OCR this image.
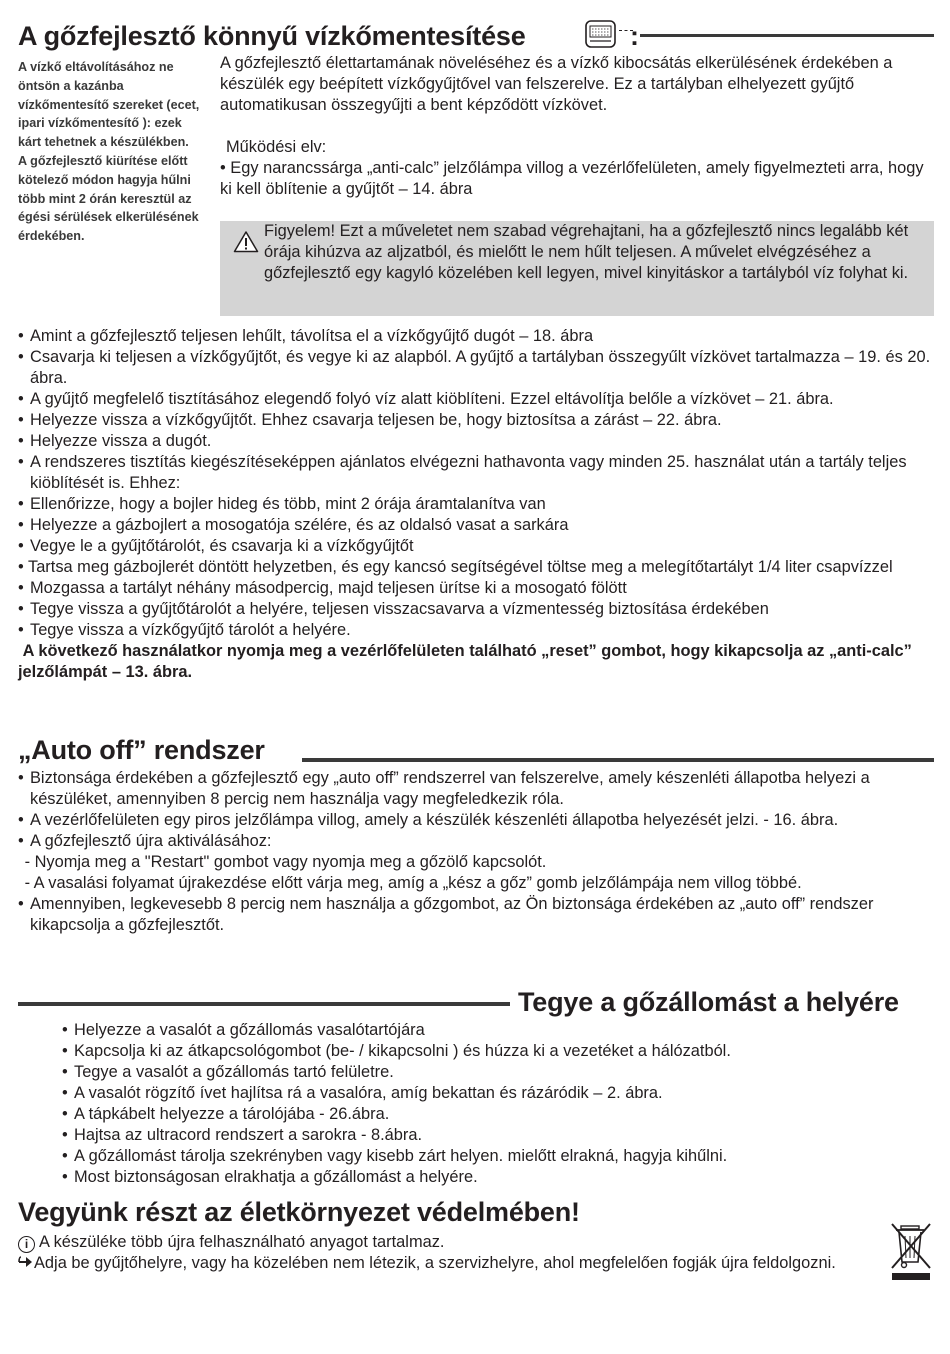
A gőzfejlesztő könnyű vízkőmentesítése	:
A vízkő eltávolításához ne öntsön a kazánba vízkőmentesítő szereket (ecet, ipari vízkőmentesítő ): ezek kárt tehetnek a készülékben.
A gőzfejlesztő kiürítése előtt kötelező módon hagyja hűlni több mint 2 órán keresztül az égési sérülések elkerülésének érdekében.
A gőzfejlesztő élettartamának növeléséhez és a vízkő kibocsátás elkerülésének érdekében a készülék egy beépített vízkőgyűjtővel van felszerelve. Ez a tartályban elhelyezett gyűjtő automatikusan összegyűjti a bent képződött vízkövet.
Működési elv:
• Egy narancssárga „anti-calc” jelzőlámpa villog a vezérlőfelületen, amely figyelmezteti arra, hogy ki kell öblítenie a gyűjtőt – 14. ábra
Figyelem! Ezt a műveletet nem szabad végrehajtani, ha a gőzfejlesztő nincs legalább két órája kihúzva az aljzatból, és mielőtt le nem hűlt teljesen. A művelet elvégzéséhez a gőzfejlesztő egy kagyló közelében kell legyen, mivel kinyitáskor a tartályból víz folyhat ki.
• Amint a gőzfejlesztő teljesen lehűlt, távolítsa el a vízkőgyűjtő dugót – 18. ábra
• Csavarja ki teljesen a vízkőgyűjtőt, és vegye ki az alapból. A gyűjtő a tartályban összegyűlt vízkövet tartalmazza – 19. és 20. ábra.
• A gyűjtő megfelelő tisztításához elegendő folyó víz alatt kiöblíteni. Ezzel eltávolítja belőle a vízkövet – 21. ábra.
• Helyezze vissza a vízkőgyűjtőt. Ehhez csavarja teljesen be, hogy biztosítsa a zárást – 22. ábra.
• Helyezze vissza a dugót.
• A rendszeres tisztítás kiegészítéseképpen ajánlatos elvégezni hathavonta vagy minden 25. használat után a tartály teljes kiöblítését is. Ehhez:
• Ellenőrizze, hogy a bojler hideg és több, mint 2 órája áramtalanítva van
• Helyezze a gázbojlert a mosogatója szélére, és az oldalsó vasat a sarkára
• Vegye le a gyűjtőtárolót, és csavarja ki a vízkőgyűjtőt
• Tartsa meg gázbojlerét döntött helyzetben, és egy kancsó segítségével töltse meg a melegítőtartályt 1/4 liter csapvízzel
• Mozgassa a tartályt néhány másodpercig, majd teljesen ürítse ki a mosogató fölött
• Tegye vissza a gyűjtőtárolót a helyére, teljesen visszacsavarva a vízmentesség biztosítása érdekében
• Tegye vissza a vízkőgyűjtő tárolót a helyére.
A következő használatkor nyomja meg a vezérlőfelületen található „reset” gombot, hogy kikapcsolja az „anti-calc” jelzőlámpát – 13. ábra.
„Auto off” rendszer
• Biztonsága érdekében a gőzfejlesztő egy „auto off” rendszerrel van felszerelve, amely készenléti állapotba helyezi a készüléket, amennyiben 8 percig nem használja vagy megfeledkezik róla.
• A vezérlőfelületen egy piros jelzőlámpa villog, amely a készülék készenléti állapotba helyezését jelzi. - 16. ábra.
• A gőzfejlesztő újra aktiválásához:
- Nyomja meg a "Restart" gombot vagy nyomja meg a gőzölő kapcsolót.
- A vasalási folyamat újrakezdése előtt várja meg, amíg a „kész a gőz” gomb jelzőlámpája nem villog többé.
• Amennyiben, legkevesebb 8 percig nem használja a gőzgombot, az Ön biztonsága érdekében az „auto off” rendszer kikapcsolja a gőzfejlesztőt.
Tegye a gőzállomást a helyére
• Helyezze a vasalót a gőzállomás vasalótartójára
• Kapcsolja ki az átkapcsológombot (be- / kikapcsolni ) és húzza ki a vezetéket a hálózatból.
• Tegye a vasalót a gőzállomás tartó felületre.
• A vasalót rögzítő ívet hajlítsa rá a vasalóra, amíg bekattan és rázáródik – 2. ábra.
• A tápkábelt helyezze a tárolójába - 26.ábra.
• Hajtsa az ultracord rendszert a sarokra - 8.ábra.
• A gőzállomást tárolja szekrényben vagy kisebb zárt helyen. mielőtt elrakná, hagyja kihűlni.
• Most biztonságosan elrakhatja a gőzállomást a helyére.
Vegyünk részt az életkörnyezet védelmében!
i A készüléke több újra felhasználható anyagot tartalmaz.
Adja be gyűjtőhelyre, vagy ha közelében nem létezik, a szervizhelyre, ahol megfelelően fogják újra feldolgozni.
